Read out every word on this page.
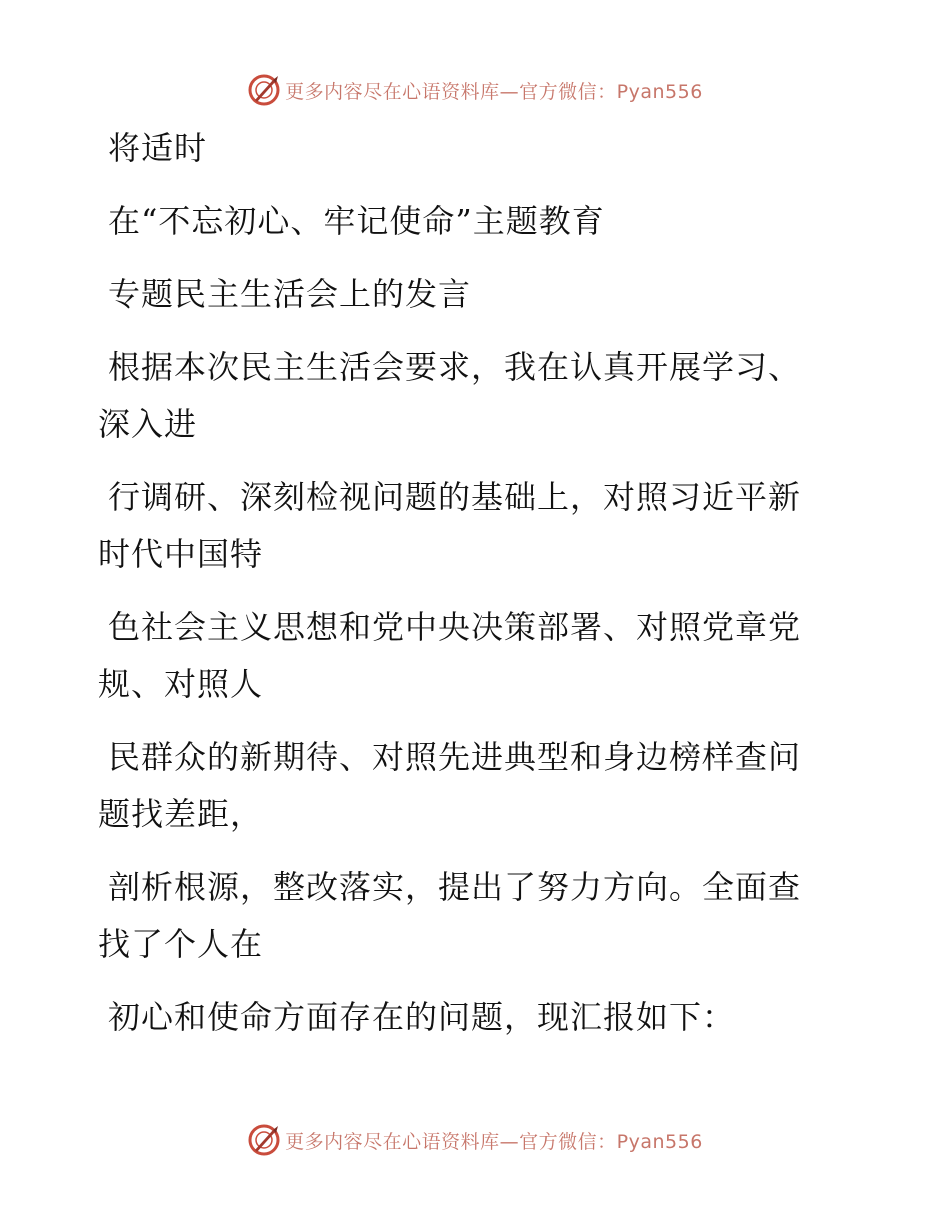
更多内容尽在心语资料库—官方微信：Pyan556
将适时
在“不忘初心、牢记使命”主题教育
专题民主生活会上的发言
根据本次民主生活会要求，我在认真开展学习、
深入进
行调研、深刻检视问题的基础上，对照习近平新
时代中国特
色社会主义思想和党中央决策部署、对照党章党
规、对照人
民群众的新期待、对照先进典型和身边榜样查问
题找差距，
剖析根源，整改落实，提出了努力方向。全面查
找了个人在
初心和使命方面存在的问题，现汇报如下：
更多内容尽在心语资料库—官方微信：Pyan556
